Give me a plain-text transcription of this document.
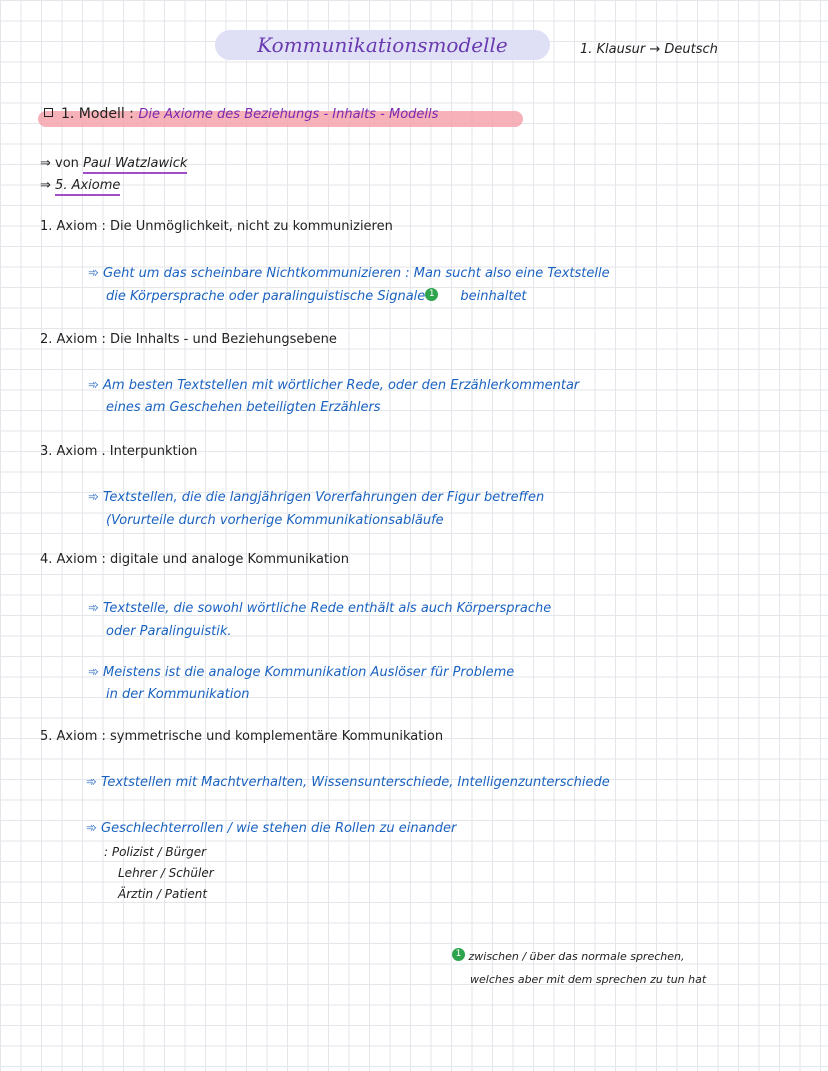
Kommunikationsmodelle	1. Klausur → Deutsch
1. Modell : Die Axiome des Beziehungs - Inhalts - Modells
⇒ von Paul Watzlawick
⇒ 5. Axiome
1. Axiom : Die Unmöglichkeit, nicht zu kommunizieren
➾ Geht um das scheinbare Nichtkommunizieren : Man sucht also eine Textstelle
die Körpersprache oder paralinguistische Signale 1 beinhaltet
2. Axiom : Die Inhalts - und Beziehungsebene
➾ Am besten Textstellen mit wörtlicher Rede, oder den Erzählerkommentar
eines am Geschehen beteiligten Erzählers
3. Axiom . Interpunktion
➾ Textstellen, die die langjährigen Vorerfahrungen der Figur betreffen
(Vorurteile durch vorherige Kommunikationsabläufe
4. Axiom : digitale und analoge Kommunikation
➾ Textstelle, die sowohl wörtliche Rede enthält als auch Körpersprache
oder Paralinguistik.
➾ Meistens ist die analoge Kommunikation Auslöser für Probleme
in der Kommunikation
5. Axiom : symmetrische und komplementäre Kommunikation
➾ Textstellen mit Machtverhalten, Wissensunterschiede, Intelligenzunterschiede
➾ Geschlechterrollen / wie stehen die Rollen zu einander
: Polizist / Bürger
Lehrer / Schüler
Ärztin / Patient
1 zwischen / über das normale sprechen,
welches aber mit dem sprechen zu tun hat
